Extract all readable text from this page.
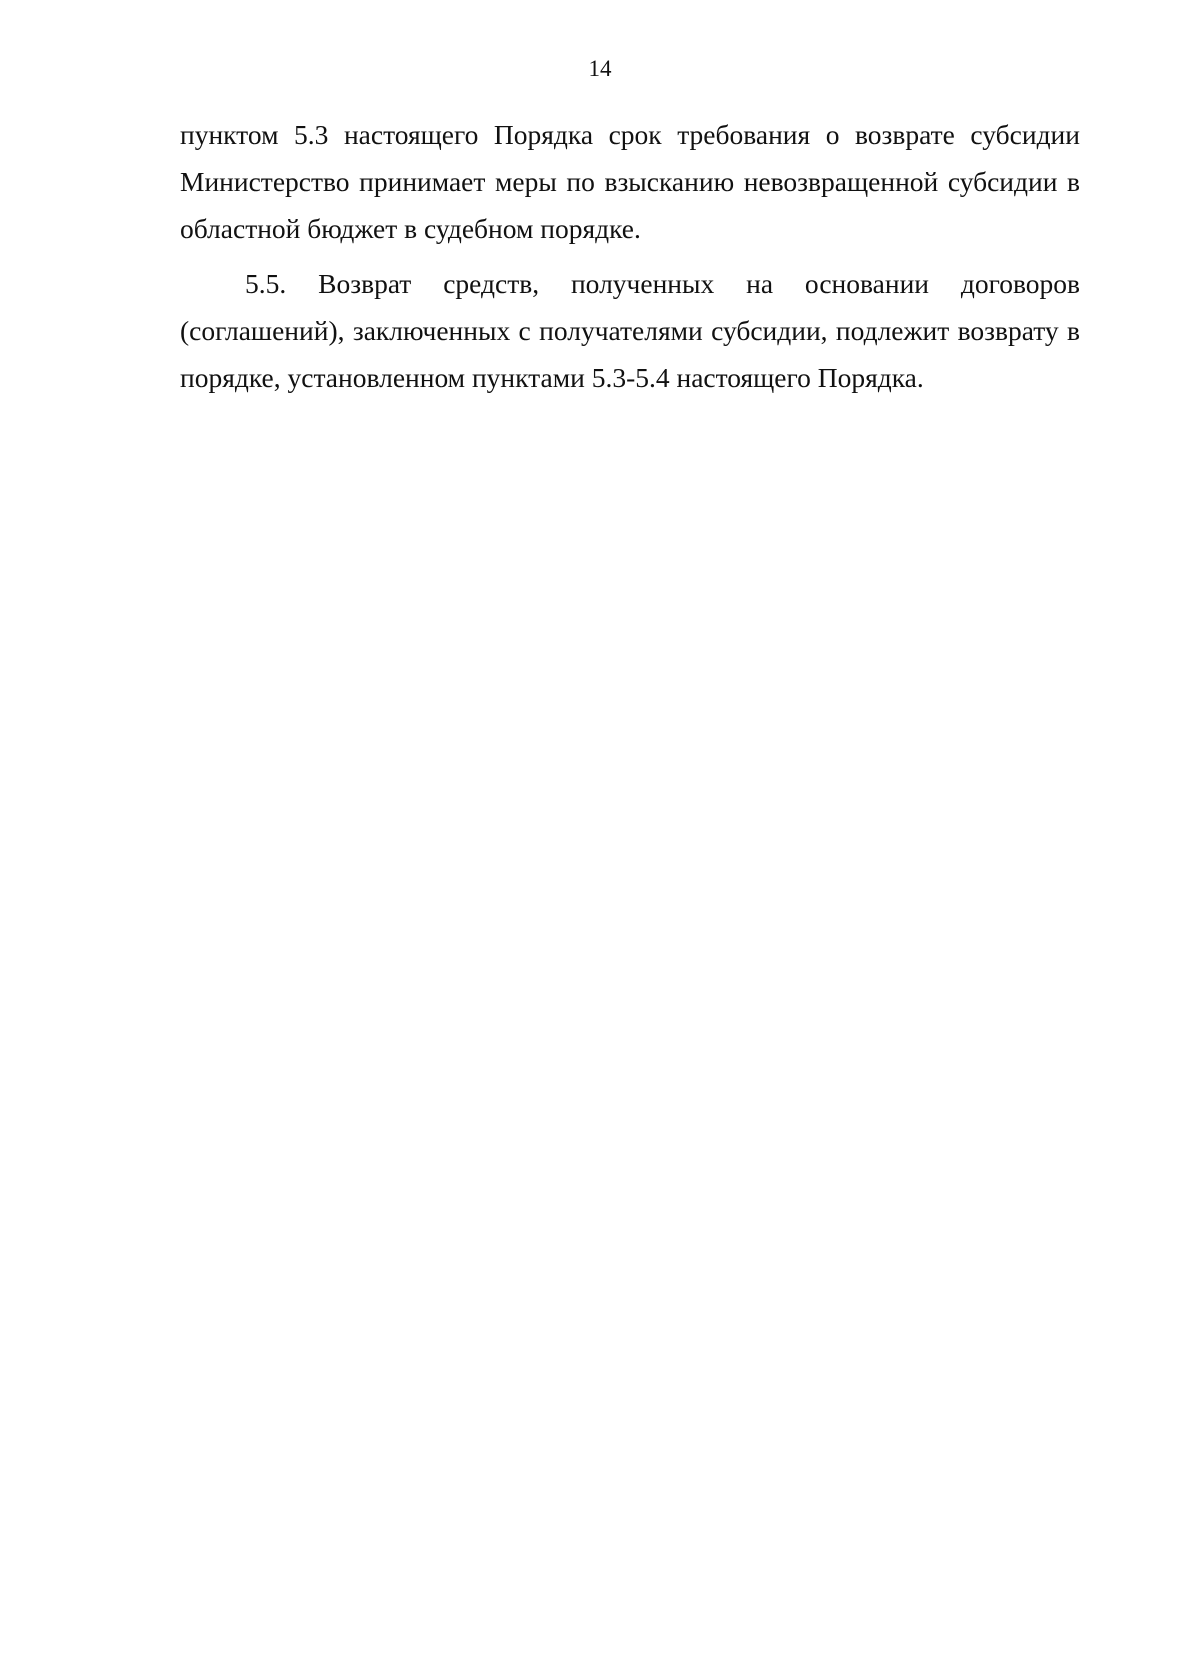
14

пунктом 5.3 настоящего Порядка срок требования о возврате субсидии Министерство принимает меры по взысканию невозвращенной субсидии в областной бюджет в судебном порядке.

5.5. Возврат средств, полученных на основании договоров (соглашений), заключенных с получателями субсидии, подлежит возврату в порядке, установленном пунктами 5.3-5.4 настоящего Порядка.
